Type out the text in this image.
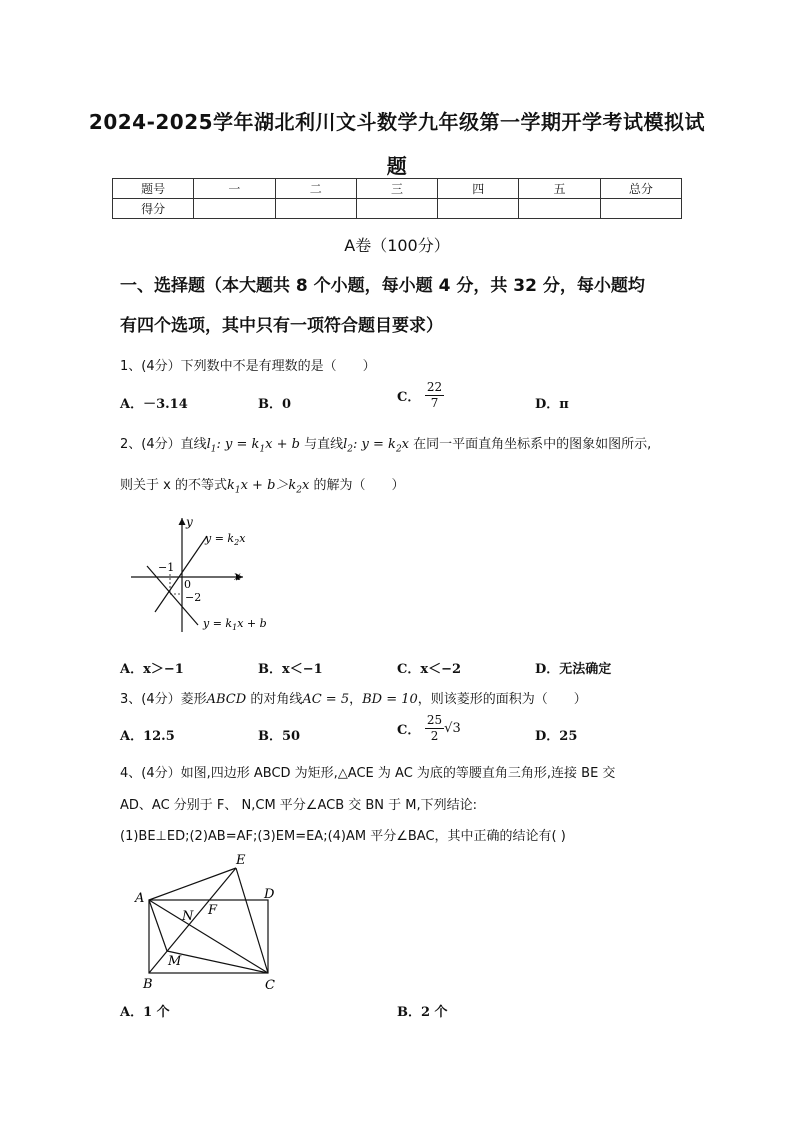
2024-2025学年湖北利川文斗数学九年级第一学期开学考试模拟试
题
题号	一	二	三	四	五	总分
得分						
A卷（100分）
一、选择题（本大题共 8 个小题，每小题 4 分，共 32 分，每小题均
有四个选项，其中只有一项符合题目要求）
1、(4分）下列数中不是有理数的是（　　）
A．－3.14	B．0	C． $\frac{22}{7}$	D．π
2、(4分）直线$l_1$: $y = k_1x + b$ 与直线$l_2$: $y = k_2x$ 在同一平面直角坐标系中的图象如图所示,
则关于 x 的不等式$k_1x + b>k_2x$ 的解为（　　）
y
x
0
−1
−2
$y = k_2x$
$y = k_1x + b$
A．x＞−1	B．x＜−1	C．x＜−2	D．无法确定
3、(4分）菱形ABCD 的对角线AC = 5，BD = 10，则该菱形的面积为（　　）
A．12.5	B．50	C． $\frac{25}{2} √3$
D．25
4、(4分）如图,四边形 ABCD 为矩形,△ACE 为 AC 为底的等腰直角三角形,连接 BE 交
AD、AC 分别于 F、 N,CM 平分∠ACB 交 BN 于 M,下列结论:
(1)BE⊥ED;(2)AB=AF;(3)EM=EA;(4)AM 平分∠BAC，其中正确的结论有( )
E
A	D
B	C
F
N
M
A．1 个	B．2 个
